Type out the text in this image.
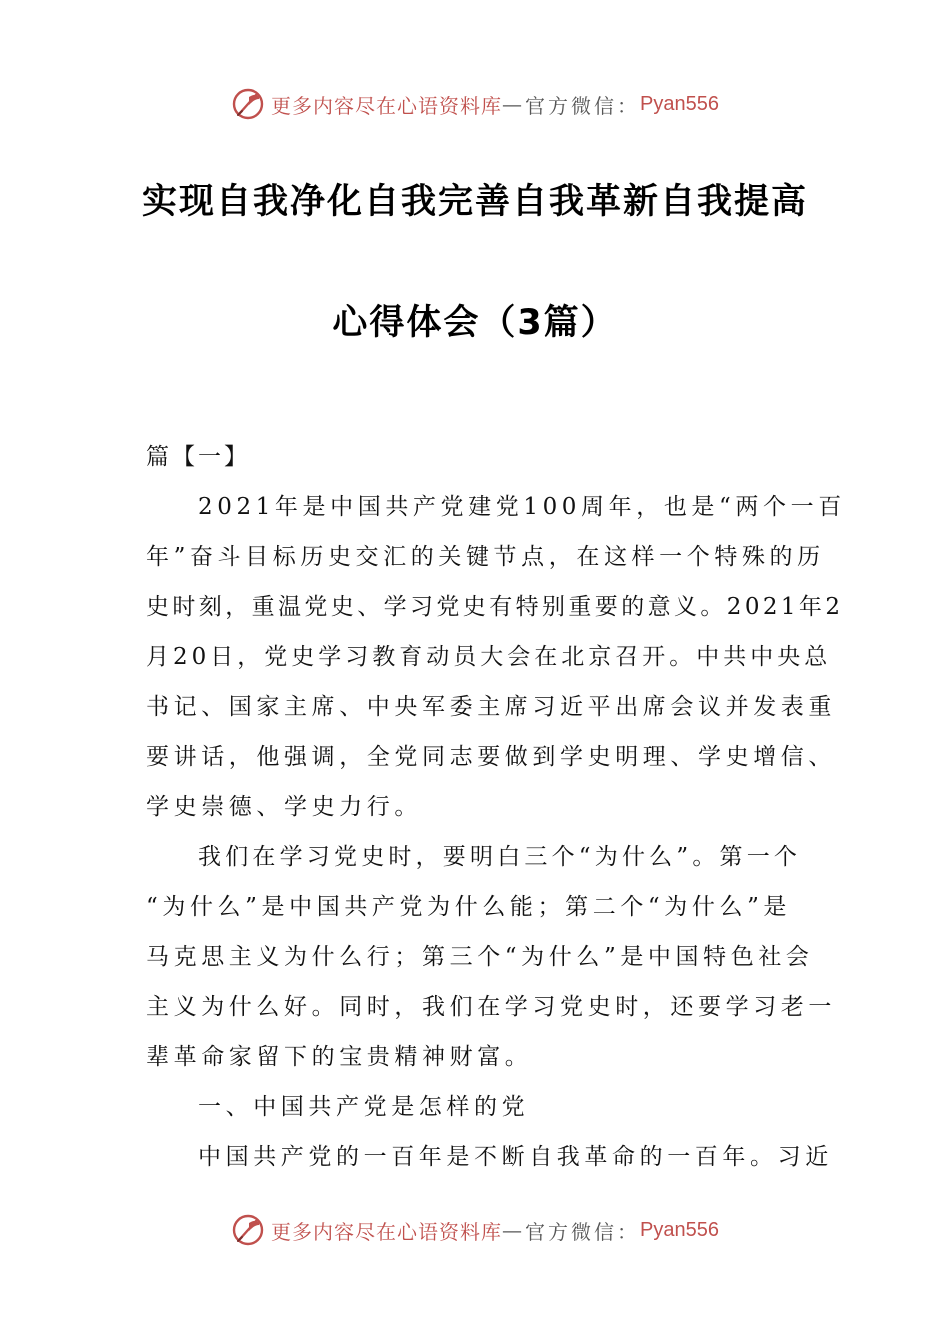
更多内容尽在心语资料库 — 官方微信： Pyan556
实现自我净化自我完善自我革新自我提高
心得体会（3篇）
篇【一】
2021年是中国共产党建党100周年，也是“两个一百
年”奋斗目标历史交汇的关键节点，在这样一个特殊的历
史时刻，重温党史、学习党史有特别重要的意义。2021年2
月20日，党史学习教育动员大会在北京召开。中共中央总
书记、国家主席、中央军委主席习近平出席会议并发表重
要讲话，他强调，全党同志要做到学史明理、学史增信、
学史崇德、学史力行。
我们在学习党史时，要明白三个“为什么”。第一个
“为什么”是中国共产党为什么能；第二个“为什么”是
马克思主义为什么行；第三个“为什么”是中国特色社会
主义为什么好。同时，我们在学习党史时，还要学习老一
辈革命家留下的宝贵精神财富。
一、中国共产党是怎样的党
中国共产党的一百年是不断自我革命的一百年。习近
更多内容尽在心语资料库 — 官方微信： Pyan556
